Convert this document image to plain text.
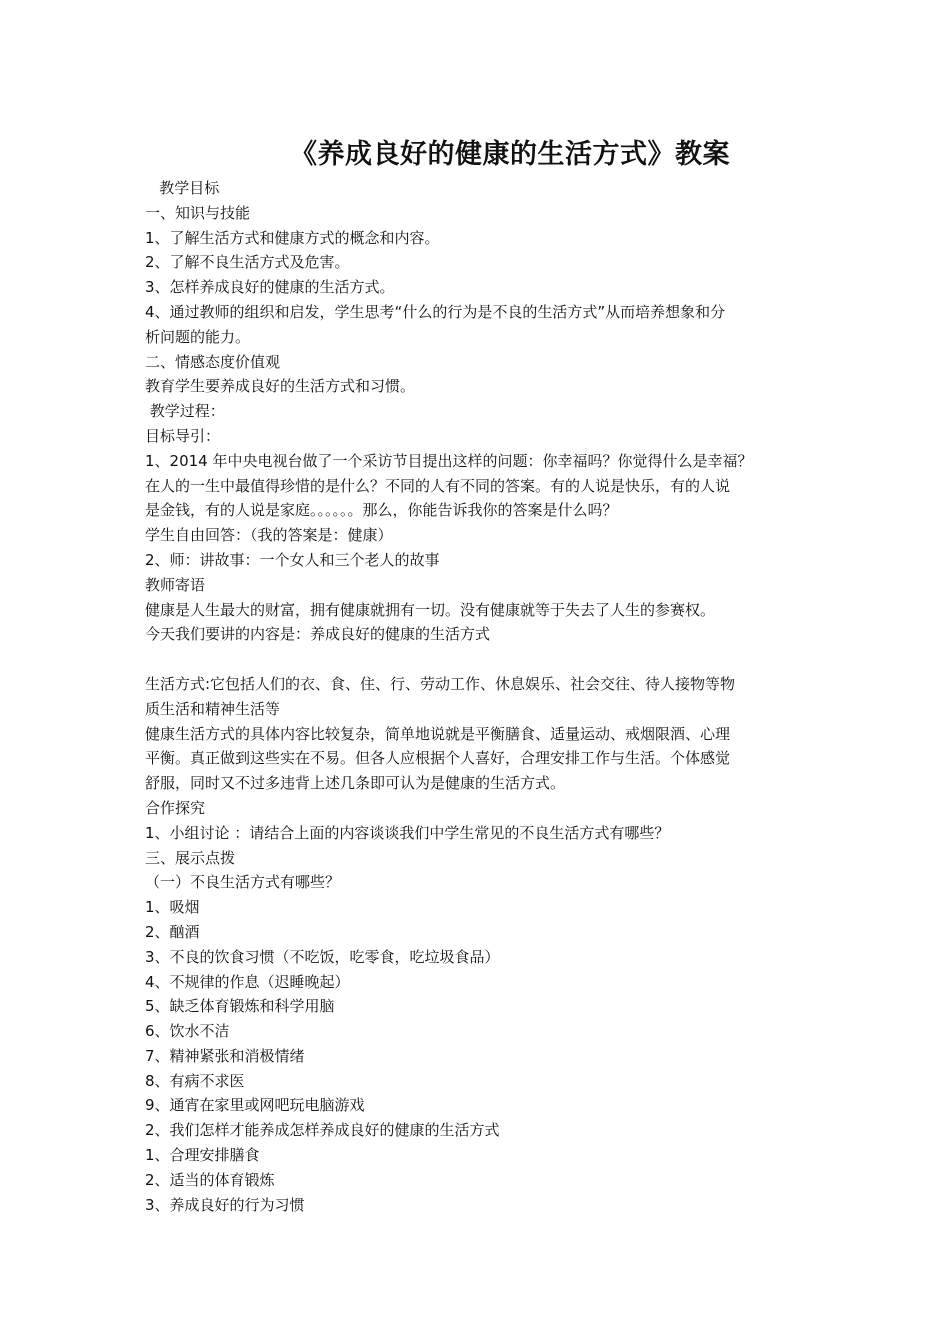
《养成良好的健康的生活方式》教案
教学目标
一、知识与技能
1、了解生活方式和健康方式的概念和内容。
2、了解不良生活方式及危害。
3、怎样养成良好的健康的生活方式。
4、通过教师的组织和启发，学生思考“什么的行为是不良的生活方式”从而培养想象和分
析问题的能力。
二、情感态度价值观
教育学生要养成良好的生活方式和习惯。
教学过程：
目标导引：
1、2014 年中央电视台做了一个采访节目提出这样的问题：你幸福吗？你觉得什么是幸福？
在人的一生中最值得珍惜的是什么？不同的人有不同的答案。有的人说是快乐，有的人说
是金钱，有的人说是家庭。。。。。。那么，你能告诉我你的答案是什么吗？
学生自由回答：（我的答案是：健康）
2、师：讲故事：一个女人和三个老人的故事
教师寄语
健康是人生最大的财富，拥有健康就拥有一切。没有健康就等于失去了人生的参赛权。
今天我们要讲的内容是：养成良好的健康的生活方式
生活方式:它包括人们的衣、食、住、行、劳动工作、休息娱乐、社会交往、待人接物等物
质生活和精神生活等
健康生活方式的具体内容比较复杂，简单地说就是平衡膳食、适量运动、戒烟限酒、心理
平衡。真正做到这些实在不易。但各人应根据个人喜好，合理安排工作与生活。个体感觉
舒服，同时又不过多违背上述几条即可认为是健康的生活方式。
合作探究
1、小组讨论 ：请结合上面的内容谈谈我们中学生常见的不良生活方式有哪些？
三、展示点拨
（一）不良生活方式有哪些？
1、吸烟
2、酗酒
3、不良的饮食习惯（不吃饭，吃零食，吃垃圾食品）
4、不规律的作息（迟睡晚起）
5、缺乏体育锻炼和科学用脑
6、饮水不洁
7、精神紧张和消极情绪
8、有病不求医
9、通宵在家里或网吧玩电脑游戏
2、我们怎样才能养成怎样养成良好的健康的生活方式
1、合理安排膳食
2、适当的体育锻炼
3、养成良好的行为习惯
